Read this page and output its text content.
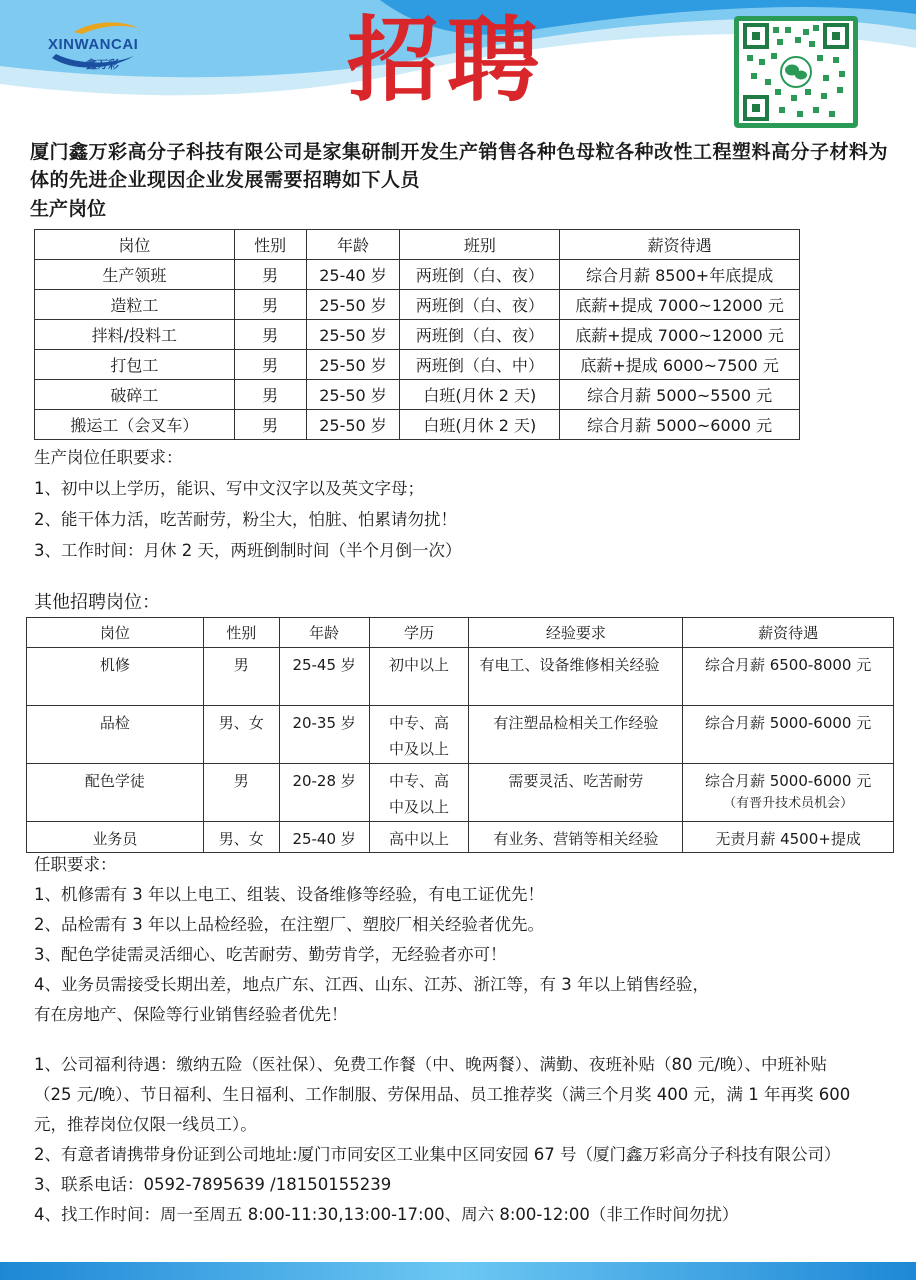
XINWANCAI
鑫万彩 招聘
厦门鑫万彩高分子科技有限公司是家集研制开发生产销售各种色母粒各种改性工程塑料高分子材料为体的先进企业现因企业发展需要招聘如下人员
生产岗位
岗位	性别	年龄	班别	薪资待遇
生产领班	男	25-40 岁	两班倒（白、夜）	综合月薪 8500+年底提成
造粒工	男	25-50 岁	两班倒（白、夜）	底薪+提成 7000~12000 元
拌料/投料工	男	25-50 岁	两班倒（白、夜）	底薪+提成 7000~12000 元
打包工	男	25-50 岁	两班倒（白、中）	底薪+提成 6000~7500 元
破碎工	男	25-50 岁	白班(月休 2 天)	综合月薪 5000~5500 元
搬运工（会叉车）	男	25-50 岁	白班(月休 2 天)	综合月薪 5000~6000 元

生产岗位任职要求：

1、初中以上学历，能识、写中文汉字以及英文字母；

2、能干体力活，吃苦耐劳，粉尘大，怕脏、怕累请勿扰！

3、工作时间：月休 2 天，两班倒制时间（半个月倒一次）

其他招聘岗位：
岗位	性别	年龄	学历	经验要求	薪资待遇
机修	男	25-45 岁	初中以上	有电工、设备维修相关经验	综合月薪 6500-8000 元
品检	男、女	20-35 岁	中专、高中及以上	有注塑品检相关工作经验	综合月薪 5000-6000 元
配色学徒	男	20-28 岁	中专、高中及以上	需要灵活、吃苦耐劳	综合月薪 5000-6000 元
（有晋升技术员机会）

业务员	男、女	25-40 岁	高中以上	有业务、营销等相关经验	无责月薪 4500+提成

任职要求：

1、机修需有 3 年以上电工、组装、设备维修等经验，有电工证优先！

2、品检需有 3 年以上品检经验，在注塑厂、塑胶厂相关经验者优先。

3、配色学徒需灵活细心、吃苦耐劳、勤劳肯学，无经验者亦可！

4、业务员需接受长期出差，地点广东、江西、山东、江苏、浙江等，有 3 年以上销售经验，

有在房地产、保险等行业销售经验者优先！

1、公司福利待遇：缴纳五险（医社保）、免费工作餐（中、晚两餐）、满勤、夜班补贴（80 元/晚）、中班补贴（25 元/晚）、节日福利、生日福利、工作制服、劳保用品、员工推荐奖（满三个月奖 400 元，满 1 年再奖 600 元，推荐岗位仅限一线员工）。

2、有意者请携带身份证到公司地址:厦门市同安区工业集中区同安园 67 号（厦门鑫万彩高分子科技有限公司）

3、联系电话：0592-7895639 /18150155239

4、找工作时间：周一至周五 8:00-11:30,13:00-17:00、周六 8:00-12:00（非工作时间勿扰）
